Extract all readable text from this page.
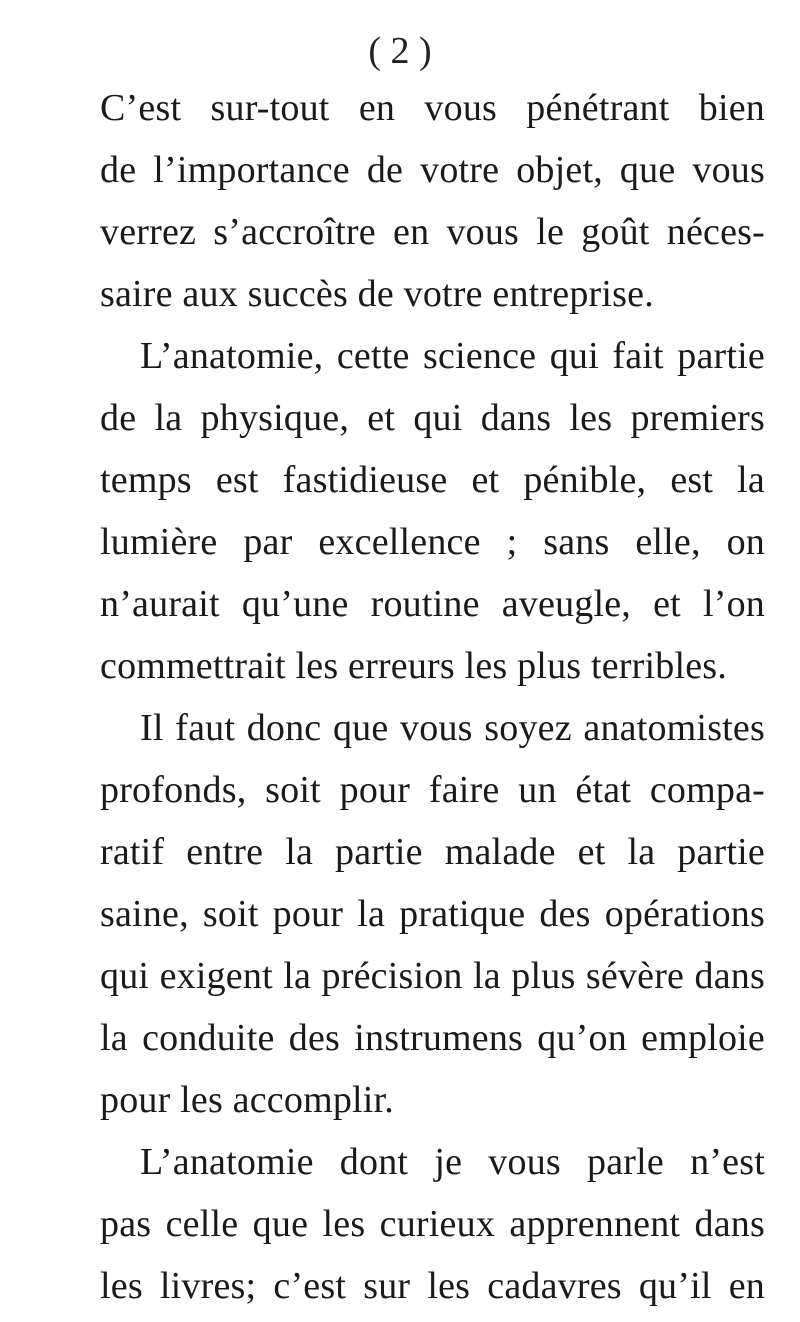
( 2 )
C’est sur-tout en vous pénétrant bien
de l’importance de votre objet, que vous
verrez s’accroître en vous le goût néces-
saire aux succès de votre entreprise.
L’anatomie, cette science qui fait partie
de la physique, et qui dans les premiers
temps est fastidieuse et pénible, est la
lumière par excellence ; sans elle, on
n’aurait qu’une routine aveugle, et l’on
commettrait les erreurs les plus terribles.
Il faut donc que vous soyez anatomistes
profonds, soit pour faire un état compa-
ratif entre la partie malade et la partie
saine, soit pour la pratique des opérations
qui exigent la précision la plus sévère dans
la conduite des instrumens qu’on emploie
pour les accomplir.
L’anatomie dont je vous parle n’est
pas celle que les curieux apprennent dans
les livres; c’est sur les cadavres qu’il en
